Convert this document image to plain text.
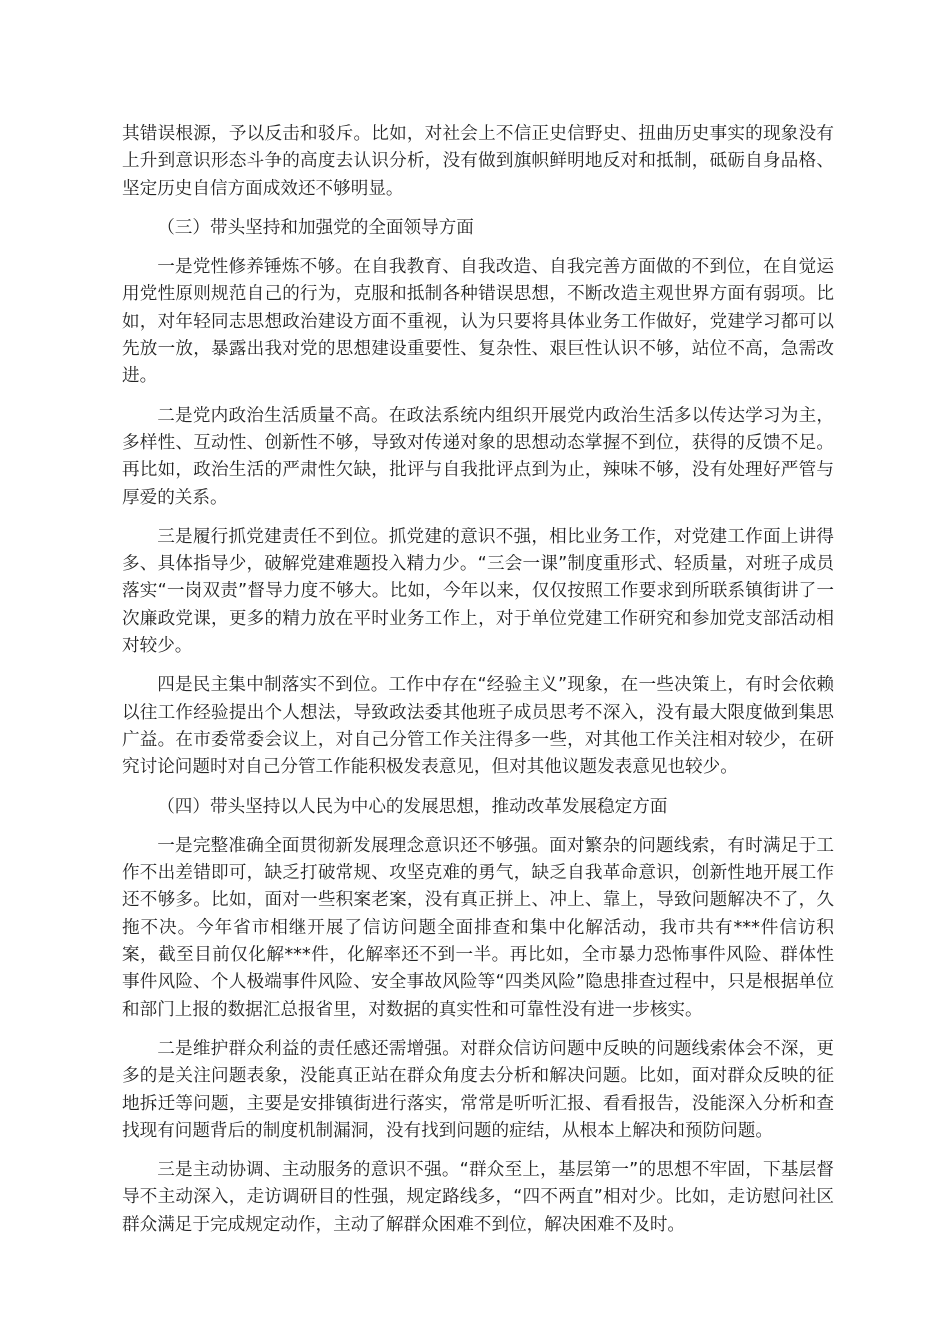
其错误根源，予以反击和驳斥。比如，对社会上不信正史信野史、扭曲历史事实的现象没有上升到意识形态斗争的高度去认识分析，没有做到旗帜鲜明地反对和抵制，砥砺自身品格、坚定历史自信方面成效还不够明显。

（三）带头坚持和加强党的全面领导方面

一是党性修养锤炼不够。在自我教育、自我改造、自我完善方面做的不到位，在自觉运用党性原则规范自己的行为，克服和抵制各种错误思想，不断改造主观世界方面有弱项。比如，对年轻同志思想政治建设方面不重视，认为只要将具体业务工作做好，党建学习都可以先放一放，暴露出我对党的思想建设重要性、复杂性、艰巨性认识不够，站位不高，急需改进。

二是党内政治生活质量不高。在政法系统内组织开展党内政治生活多以传达学习为主，多样性、互动性、创新性不够，导致对传递对象的思想动态掌握不到位，获得的反馈不足。再比如，政治生活的严肃性欠缺，批评与自我批评点到为止，辣味不够，没有处理好严管与厚爱的关系。

三是履行抓党建责任不到位。抓党建的意识不强，相比业务工作，对党建工作面上讲得多、具体指导少，破解党建难题投入精力少。“三会一课”制度重形式、轻质量，对班子成员落实“一岗双责”督导力度不够大。比如，今年以来，仅仅按照工作要求到所联系镇街讲了一次廉政党课，更多的精力放在平时业务工作上，对于单位党建工作研究和参加党支部活动相对较少。

四是民主集中制落实不到位。工作中存在“经验主义”现象，在一些决策上，有时会依赖以往工作经验提出个人想法，导致政法委其他班子成员思考不深入，没有最大限度做到集思广益。在市委常委会议上，对自己分管工作关注得多一些，对其他工作关注相对较少，在研究讨论问题时对自己分管工作能积极发表意见，但对其他议题发表意见也较少。

（四）带头坚持以人民为中心的发展思想，推动改革发展稳定方面

一是完整准确全面贯彻新发展理念意识还不够强。面对繁杂的问题线索，有时满足于工作不出差错即可，缺乏打破常规、攻坚克难的勇气，缺乏自我革命意识，创新性地开展工作还不够多。比如，面对一些积案老案，没有真正拼上、冲上、靠上，导致问题解决不了，久拖不决。今年省市相继开展了信访问题全面排查和集中化解活动，我市共有***件信访积案，截至目前仅化解***件，化解率还不到一半。再比如，全市暴力恐怖事件风险、群体性事件风险、个人极端事件风险、安全事故风险等“四类风险”隐患排查过程中，只是根据单位和部门上报的数据汇总报省里，对数据的真实性和可靠性没有进一步核实。

二是维护群众利益的责任感还需增强。对群众信访问题中反映的问题线索体会不深，更多的是关注问题表象，没能真正站在群众角度去分析和解决问题。比如，面对群众反映的征地拆迁等问题，主要是安排镇街进行落实，常常是听听汇报、看看报告，没能深入分析和查找现有问题背后的制度机制漏洞，没有找到问题的症结，从根本上解决和预防问题。

三是主动协调、主动服务的意识不强。“群众至上，基层第一”的思想不牢固，下基层督导不主动深入，走访调研目的性强，规定路线多，“四不两直”相对少。比如，走访慰问社区群众满足于完成规定动作，主动了解群众困难不到位，解决困难不及时。
